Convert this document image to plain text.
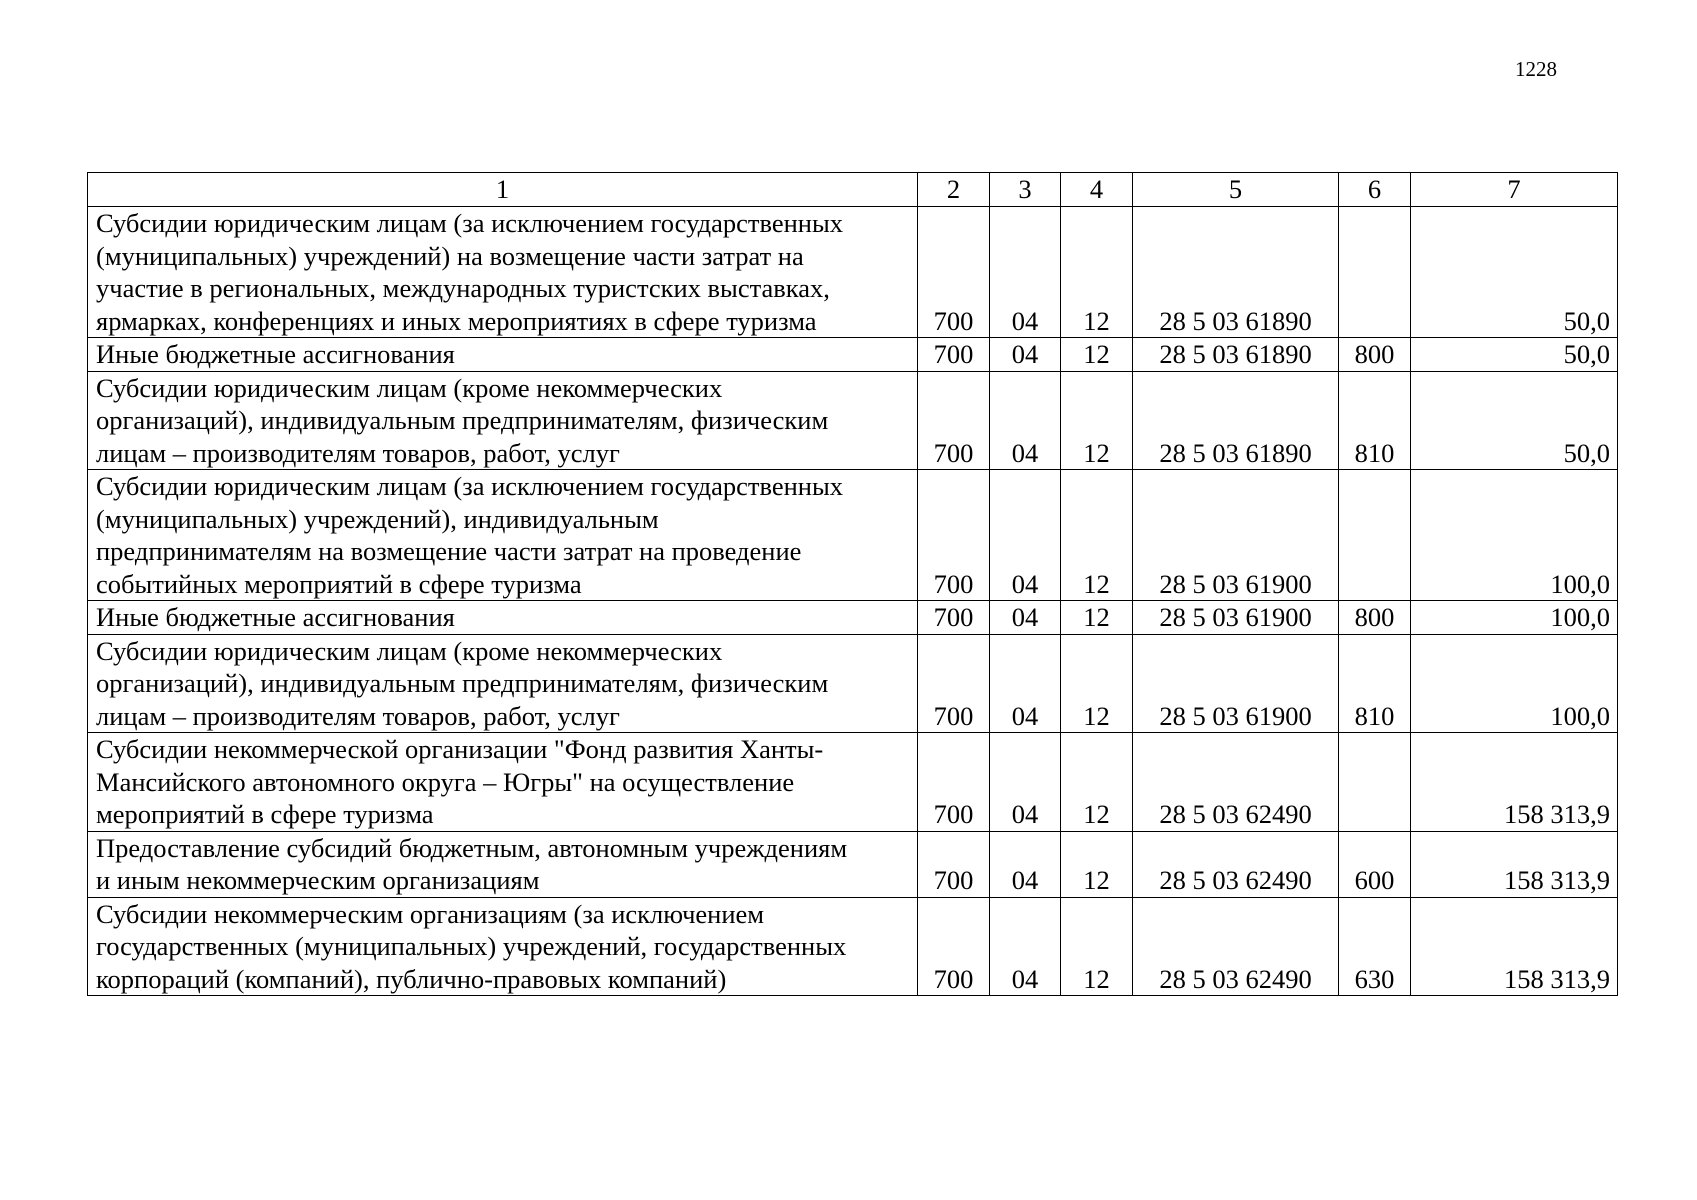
1228
1	2	3	4	5	6	7

Субсидии юридическим лицам (за исключением государственных
(муниципальных) учреждений) на возмещение части затрат на
участие в региональных, международных туристских выставках,
ярмарках, конференциях и иных мероприятиях в сфере туризма	700	04	12	28 5 03 61890		50,0

Иные бюджетные ассигнования	700	04	12	28 5 03 61890	800	50,0

Субсидии юридическим лицам (кроме некоммерческих
организаций), индивидуальным предпринимателям, физическим
лицам – производителям товаров, работ, услуг	700	04	12	28 5 03 61890	810	50,0

Субсидии юридическим лицам (за исключением государственных
(муниципальных) учреждений), индивидуальным
предпринимателям на возмещение части затрат на проведение
событийных мероприятий в сфере туризма	700	04	12	28 5 03 61900		100,0

Иные бюджетные ассигнования	700	04	12	28 5 03 61900	800	100,0

Субсидии юридическим лицам (кроме некоммерческих
организаций), индивидуальным предпринимателям, физическим
лицам – производителям товаров, работ, услуг	700	04	12	28 5 03 61900	810	100,0

Субсидии некоммерческой организации "Фонд развития Ханты-
Мансийского автономного округа – Югры" на осуществление
мероприятий в сфере туризма	700	04	12	28 5 03 62490		158 313,9

Предоставление субсидий бюджетным, автономным учреждениям
и иным некоммерческим организациям	700	04	12	28 5 03 62490	600	158 313,9

Субсидии некоммерческим организациям (за исключением
государственных (муниципальных) учреждений, государственных
корпораций (компаний), публично-правовых компаний)	700	04	12	28 5 03 62490	630	158 313,9
